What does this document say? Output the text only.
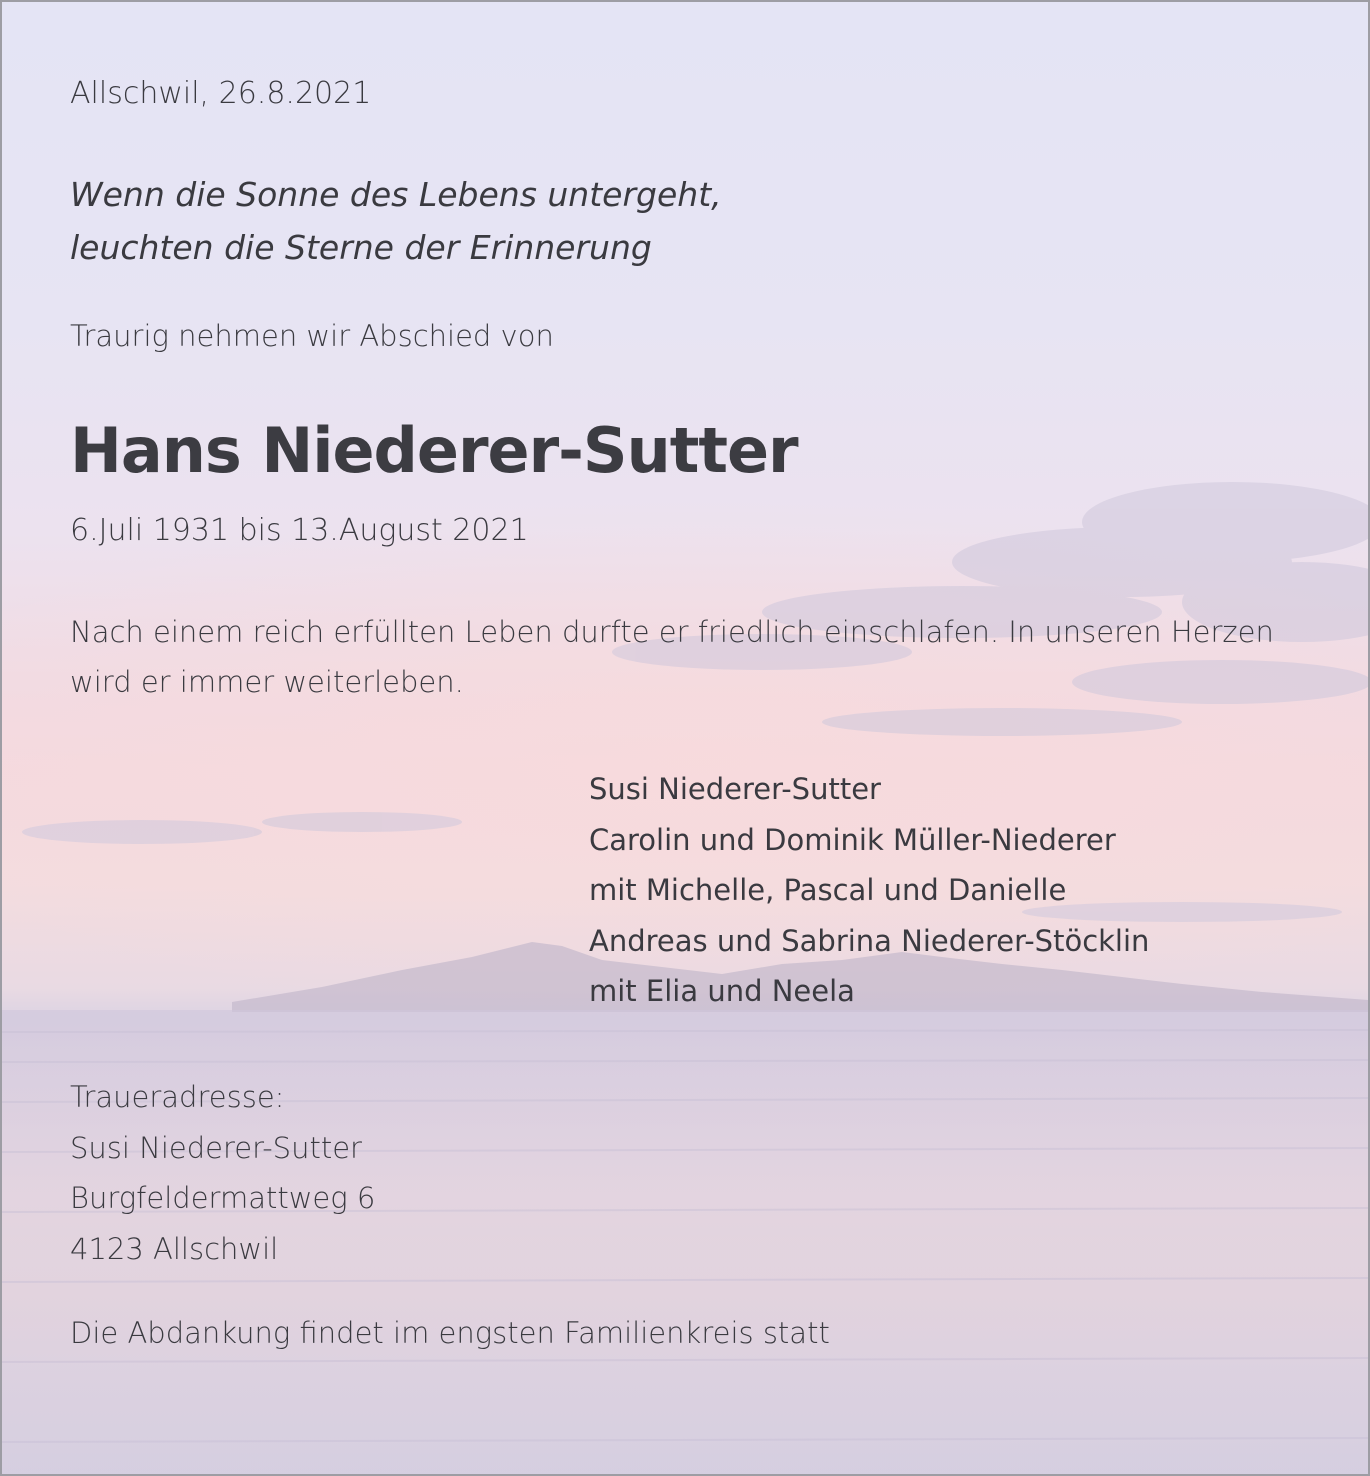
Allschwil, 26.8.2021
Wenn die Sonne des Lebens untergeht,
leuchten die Sterne der Erinnerung
Traurig nehmen wir Abschied von
Hans Niederer-Sutter
6.Juli 1931 bis 13.August 2021
Nach einem reich erfüllten Leben durfte er friedlich einschlafen. In unseren Herzen wird er immer weiterleben.
Susi Niederer-Sutter
Carolin und Dominik Müller-Niederer
mit Michelle, Pascal und Danielle
Andreas und Sabrina Niederer-Stöcklin
mit Elia und Neela
Traueradresse:
Susi Niederer-Sutter
Burgfeldermattweg 6
4123 Allschwil
Die Abdankung findet im engsten Familienkreis statt
